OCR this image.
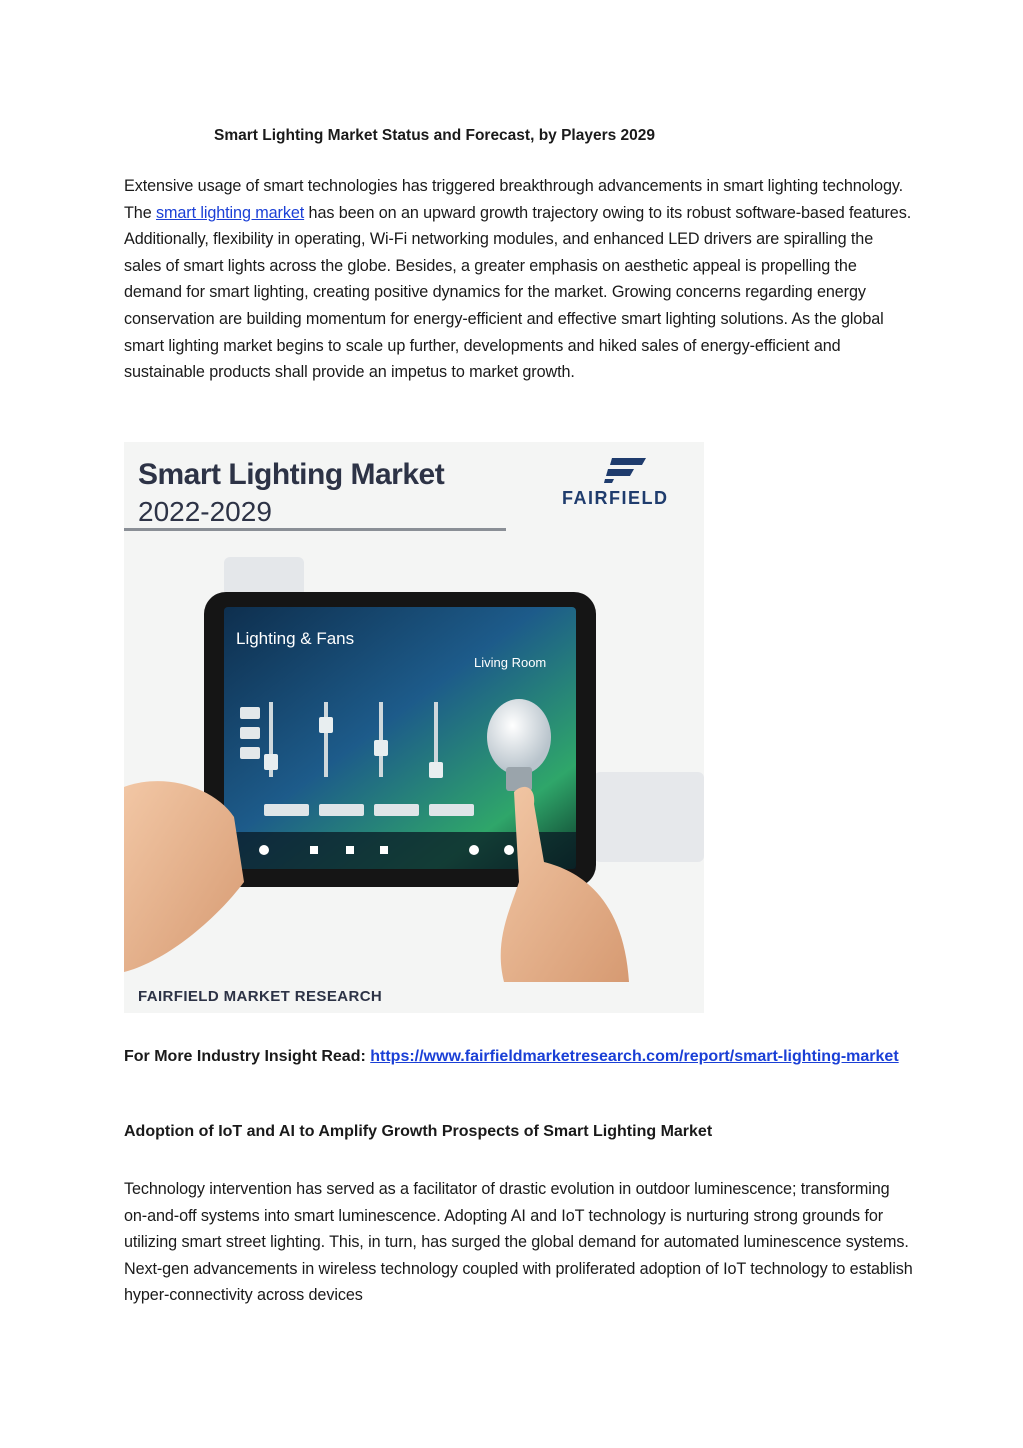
Smart Lighting Market Status and Forecast, by Players 2029

Extensive usage of smart technologies has triggered breakthrough advancements in smart lighting technology. The smart lighting market has been on an upward growth trajectory owing to its robust software-based features. Additionally, flexibility in operating, Wi-Fi networking modules, and enhanced LED drivers are spiralling the sales of smart lights across the globe. Besides, a greater emphasis on aesthetic appeal is propelling the demand for smart lighting, creating positive dynamics for the market. Growing concerns regarding energy conservation are building momentum for energy-efficient and effective smart lighting solutions. As the global smart lighting market begins to scale up further, developments and hiked sales of energy-efficient and sustainable products shall provide an impetus to market growth.

Smart Lighting Market

2022-2029	FAIRFIELD

Lighting & Fans
Living Room

FAIRFIELD MARKET RESEARCH

For More Industry Insight Read: https://www.fairfieldmarketresearch.com/report/smart-lighting-market

Adoption of IoT and AI to Amplify Growth Prospects of Smart Lighting Market

Technology intervention has served as a facilitator of drastic evolution in outdoor luminescence; transforming on-and-off systems into smart luminescence. Adopting AI and IoT technology is nurturing strong grounds for utilizing smart street lighting. This, in turn, has surged the global demand for automated luminescence systems. Next-gen advancements in wireless technology coupled with proliferated adoption of IoT technology to establish hyper-connectivity across devices
